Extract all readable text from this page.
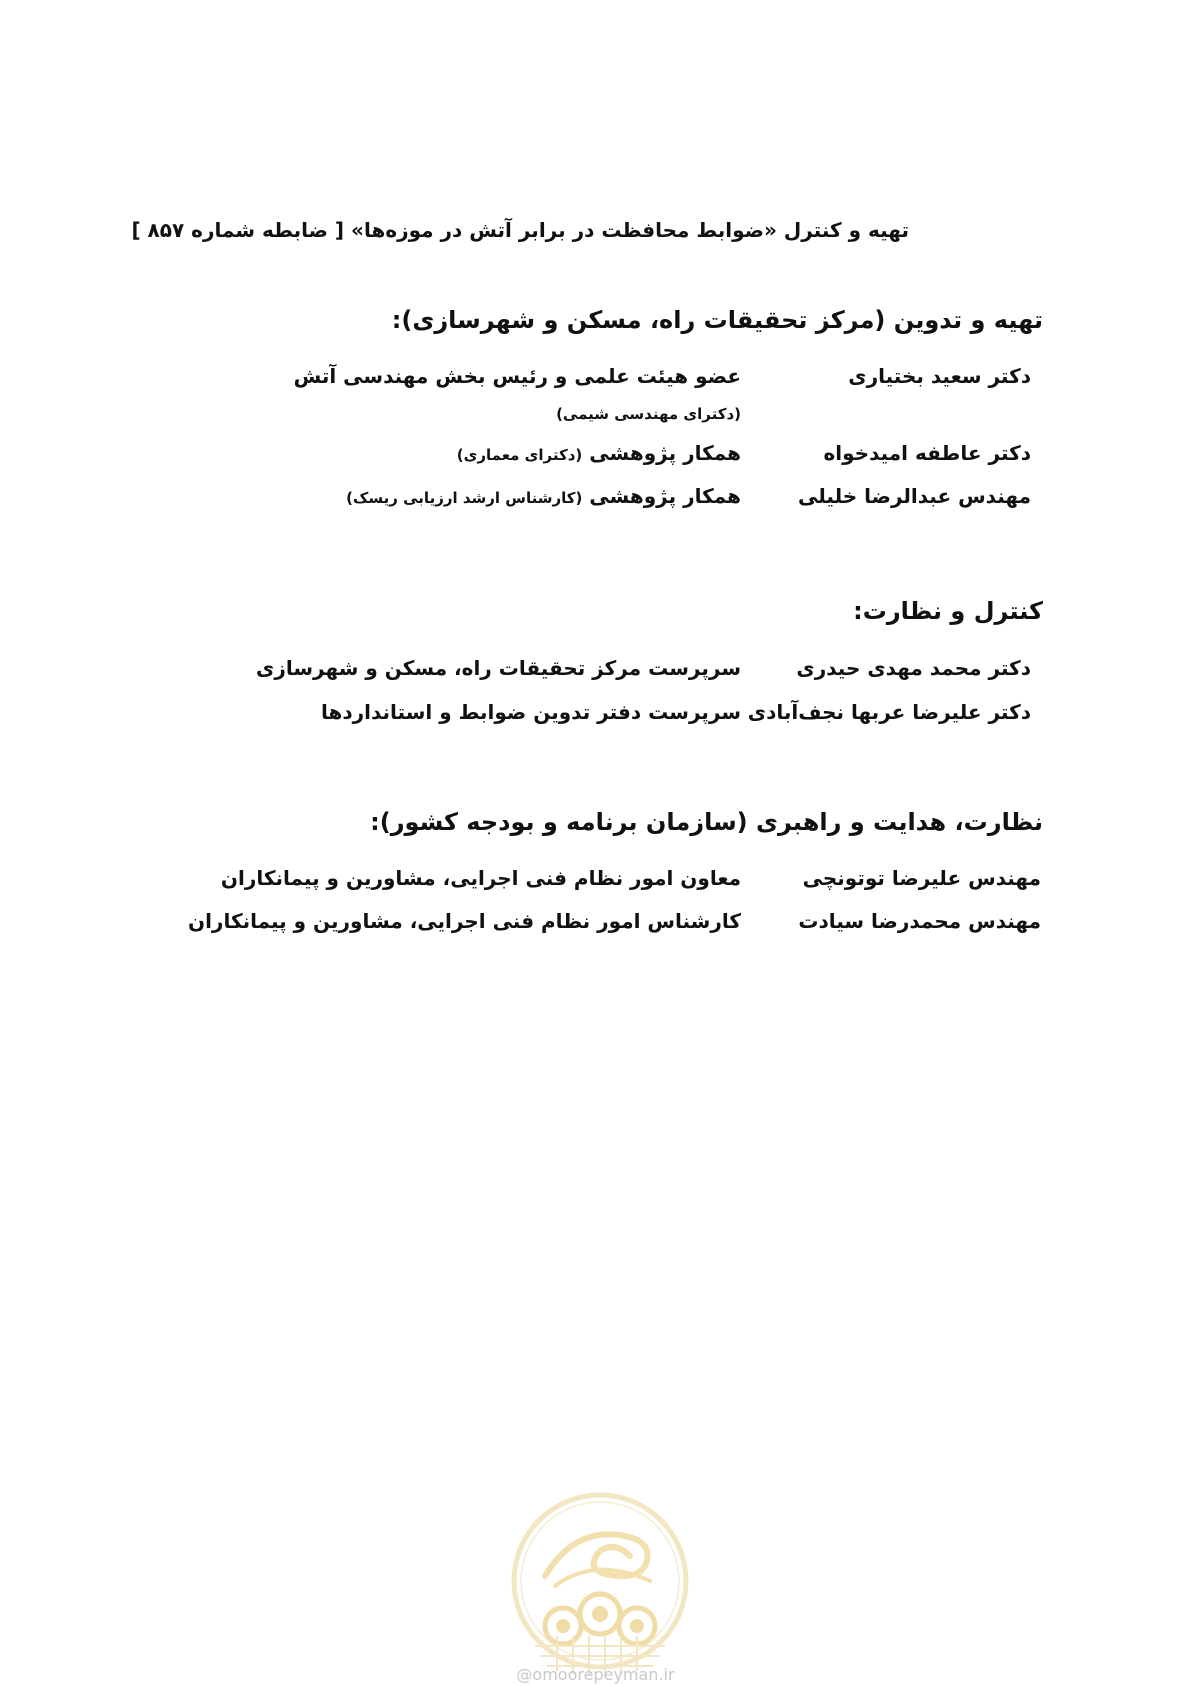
تهیه و کنترل «ضوابط محافظت در برابر آتش در موزه‌ها» [ ضابطه شماره ۸۵۷ ]
تهیه و تدوین (مرکز تحقیقات راه، مسکن و شهرسازی):
دکتر سعید بختیاری
عضو هیئت علمی و رئیس بخش مهندسی آتش
(دکترای مهندسی شیمی)
دکتر عاطفه امیدخواه
همکار پژوهشی (دکترای معماری)
مهندس عبدالرضا خلیلی
همکار پژوهشی (کارشناس ارشد ارزیابی ریسک)
کنترل و نظارت:
دکتر محمد مهدی حیدری
سرپرست مرکز تحقیقات راه، مسکن و شهرسازی
دکتر علیرضا عربها نجف‌آبادی
سرپرست دفتر تدوین ضوابط و استانداردها
نظارت، هدایت و راهبری (سازمان برنامه و بودجه کشور):
مهندس علیرضا توتونچی
معاون امور نظام فنی اجرایی، مشاورین و پیمانکاران
مهندس محمدرضا سیادت
کارشناس امور نظام فنی اجرایی، مشاورین و پیمانکاران
@omoorepeyman.ir
